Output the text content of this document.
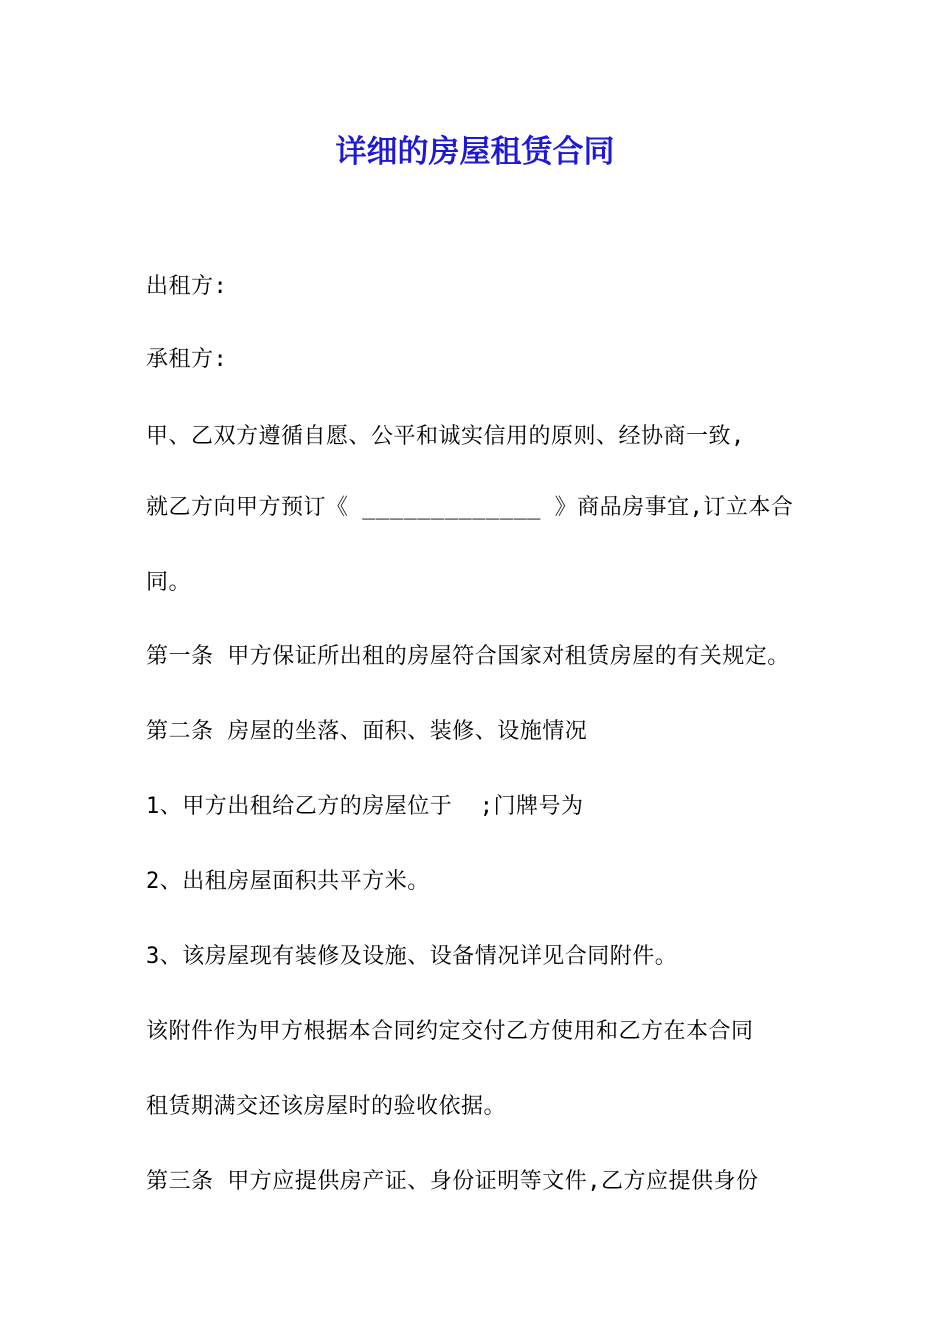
详细的房屋租赁合同

出租方:

承租方:

甲、乙双方遵循自愿、公平和诚实信用的原则、经协商一致,

就乙方向甲方预订《 _____________ 》商品房事宜,订立本合

同。

第一条 甲方保证所出租的房屋符合国家对租赁房屋的有关规定。

第二条 房屋的坐落、面积、装修、设施情况

1、甲方出租给乙方的房屋位于  ;门牌号为

2、出租房屋面积共平方米。

3、该房屋现有装修及设施、设备情况详见合同附件。

该附件作为甲方根据本合同约定交付乙方使用和乙方在本合同

租赁期满交还该房屋时的验收依据。

第三条 甲方应提供房产证、身份证明等文件,乙方应提供身份
